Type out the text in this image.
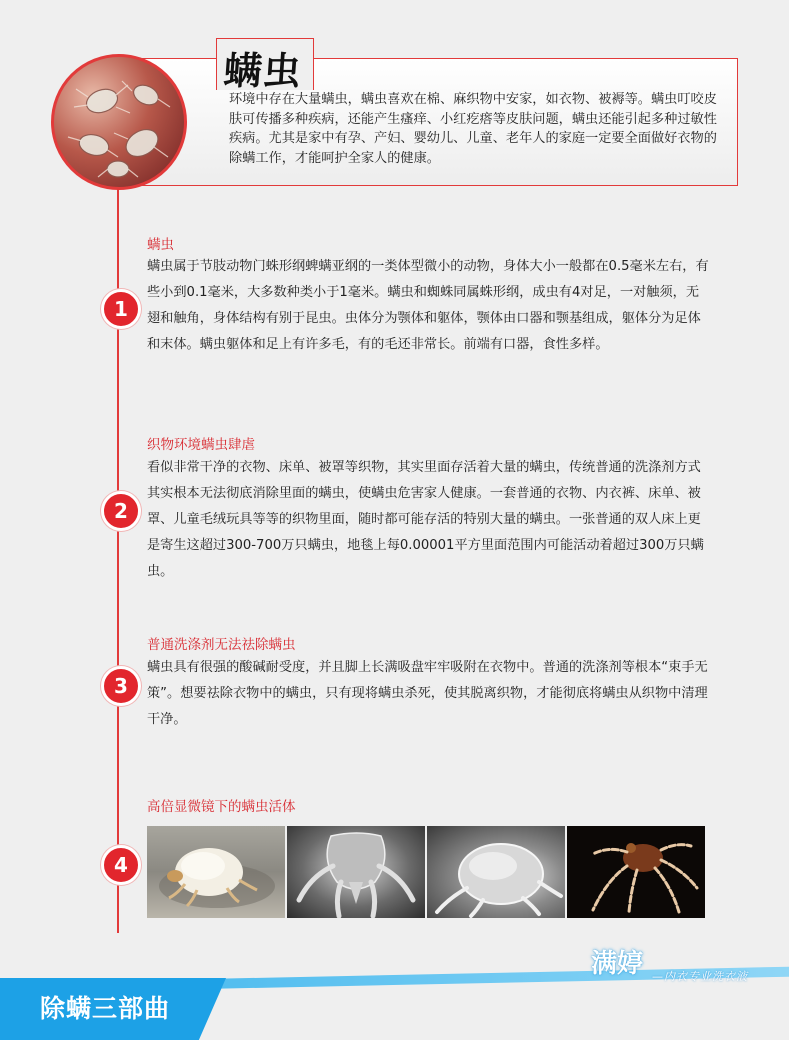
螨虫
环境中存在大量螨虫，螨虫喜欢在棉、麻织物中安家，如衣物、被褥等。螨虫叮咬皮肤可传播多种疾病，还能产生瘙痒、小红疙瘩等皮肤问题，螨虫还能引起多种过敏性疾病。尤其是家中有孕、产妇、婴幼儿、儿童、老年人的家庭一定要全面做好衣物的除螨工作，才能呵护全家人的健康。
1
螨虫
螨虫属于节肢动物门蛛形纲蜱螨亚纲的一类体型微小的动物，身体大小一般都在0.5毫米左右，有些小到0.1毫米，大多数种类小于1毫米。螨虫和蜘蛛同属蛛形纲，成虫有4对足，一对触须，无翅和触角，身体结构有别于昆虫。虫体分为颚体和躯体，颚体由口器和颚基组成，躯体分为足体和末体。螨虫躯体和足上有许多毛，有的毛还非常长。前端有口器，食性多样。
2
织物环境螨虫肆虐
看似非常干净的衣物、床单、被罩等织物，其实里面存活着大量的螨虫，传统普通的洗涤剂方式其实根本无法彻底消除里面的螨虫，使螨虫危害家人健康。一套普通的衣物、内衣裤、床单、被罩、儿童毛绒玩具等等的织物里面，随时都可能存活的特别大量的螨虫。一张普通的双人床上更是寄生这超过300-700万只螨虫，地毯上每0.00001平方里面范围内可能活动着超过300万只螨虫。
3
普通洗涤剂无法祛除螨虫
螨虫具有很强的酸碱耐受度，并且脚上长满吸盘牢牢吸附在衣物中。普通的洗涤剂等根本“束手无策”。想要祛除衣物中的螨虫，只有现将螨虫杀死，使其脱离织物，才能彻底将螨虫从织物中清理干净。
4
高倍显微镜下的螨虫活体
除螨三部曲
满婷 —内衣专业洗衣液
